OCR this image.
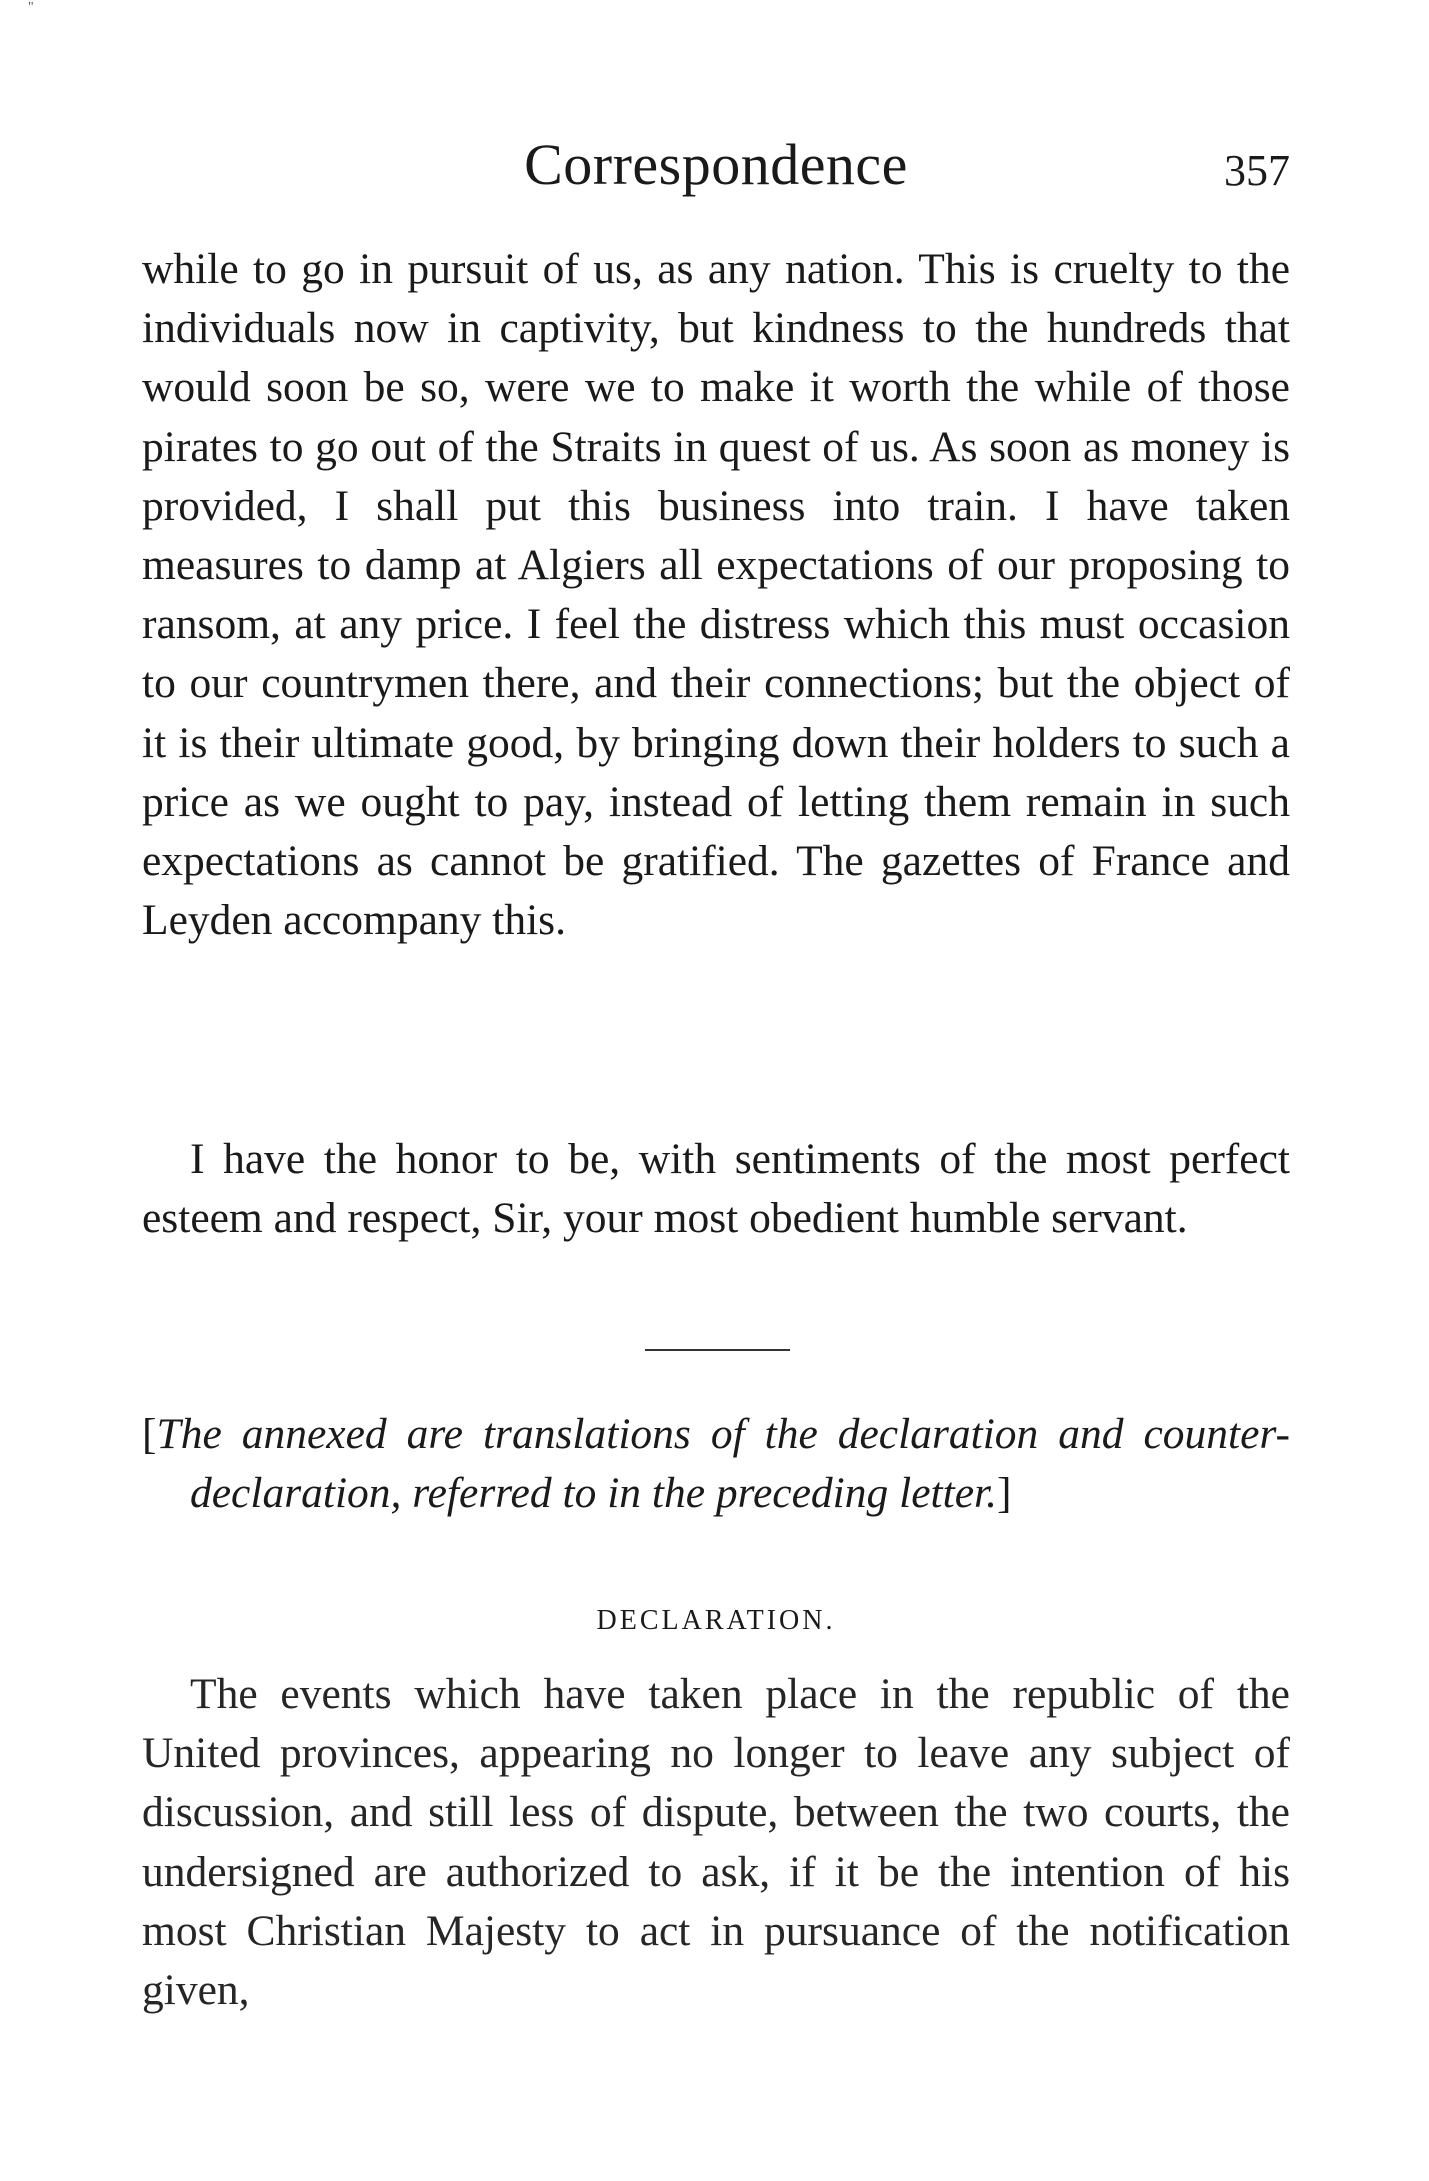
"
Correspondence	357

while to go in pursuit of us, as any nation. This is cruelty to the individuals now in captivity, but kindness to the hundreds that would soon be so, were we to make it worth the while of those pirates to go out of the Straits in quest of us. As soon as money is provided, I shall put this business into train. I have taken measures to damp at Algiers all expectations of our proposing to ransom, at any price. I feel the distress which this must occasion to our countrymen there, and their connections; but the object of it is their ultimate good, by bringing down their holders to such a price as we ought to pay, instead of letting them remain in such expectations as cannot be gratified. The gazettes of France and Leyden accompany this.

I have the honor to be, with sentiments of the most perfect esteem and respect, Sir, your most obedient humble servant.

[The annexed are translations of the declaration and counter-declaration, referred to in the preceding letter.]

DECLARATION.

The events which have taken place in the republic of the United provinces, appearing no longer to leave any subject of discussion, and still less of dispute, between the two courts, the undersigned are authorized to ask, if it be the intention of his most Christian Majesty to act in pursuance of the notification given,
